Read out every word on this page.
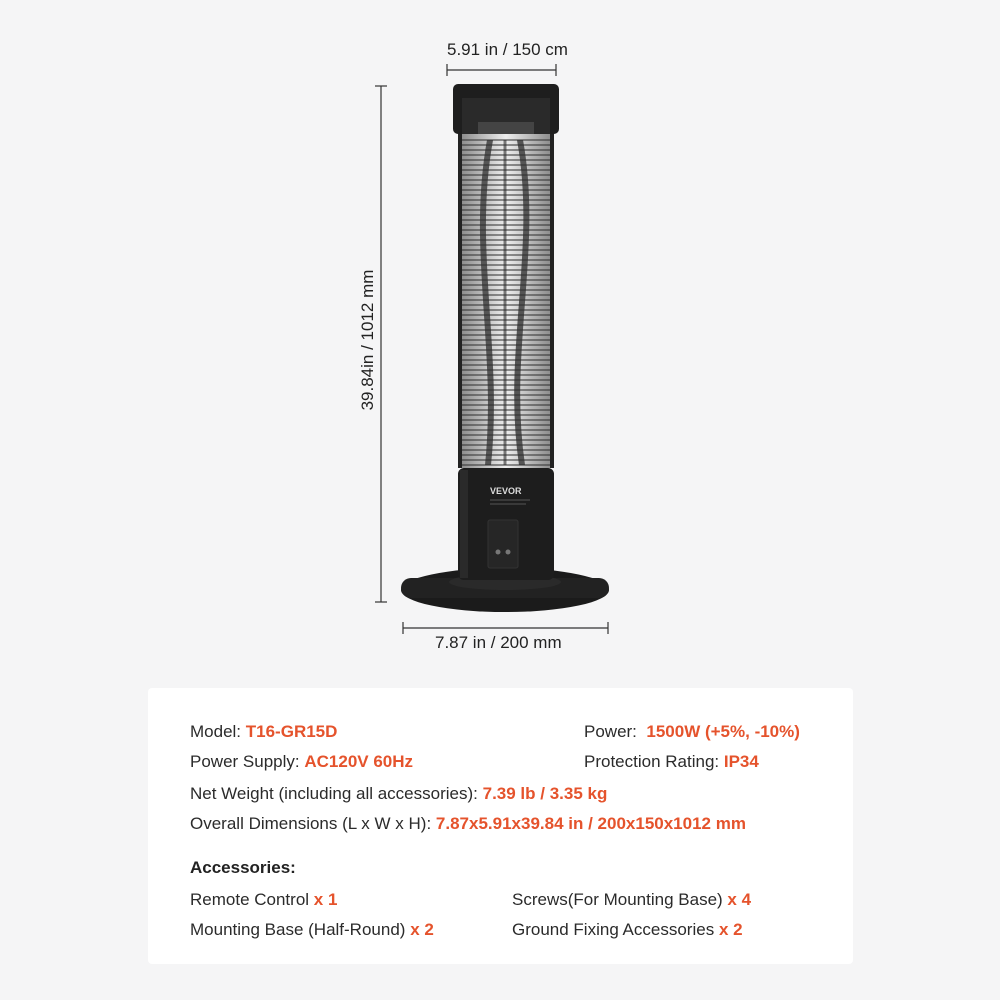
VEVOR
5.91 in / 150 cm
7.87 in / 200 mm
39.84in / 1012 mm
Model: T16-GR15D	Power: 1500W (+5%, -10%)
Power Supply: AC120V 60Hz	Protection Rating: IP34
Net Weight (including all accessories): 7.39 lb / 3.35 kg
Overall Dimensions (L x W x H): 7.87x5.91x39.84 in / 200x150x1012 mm
Accessories:
Remote Control x 1	Screws(For Mounting Base) x 4
Mounting Base (Half-Round) x 2	Ground Fixing Accessories x 2
